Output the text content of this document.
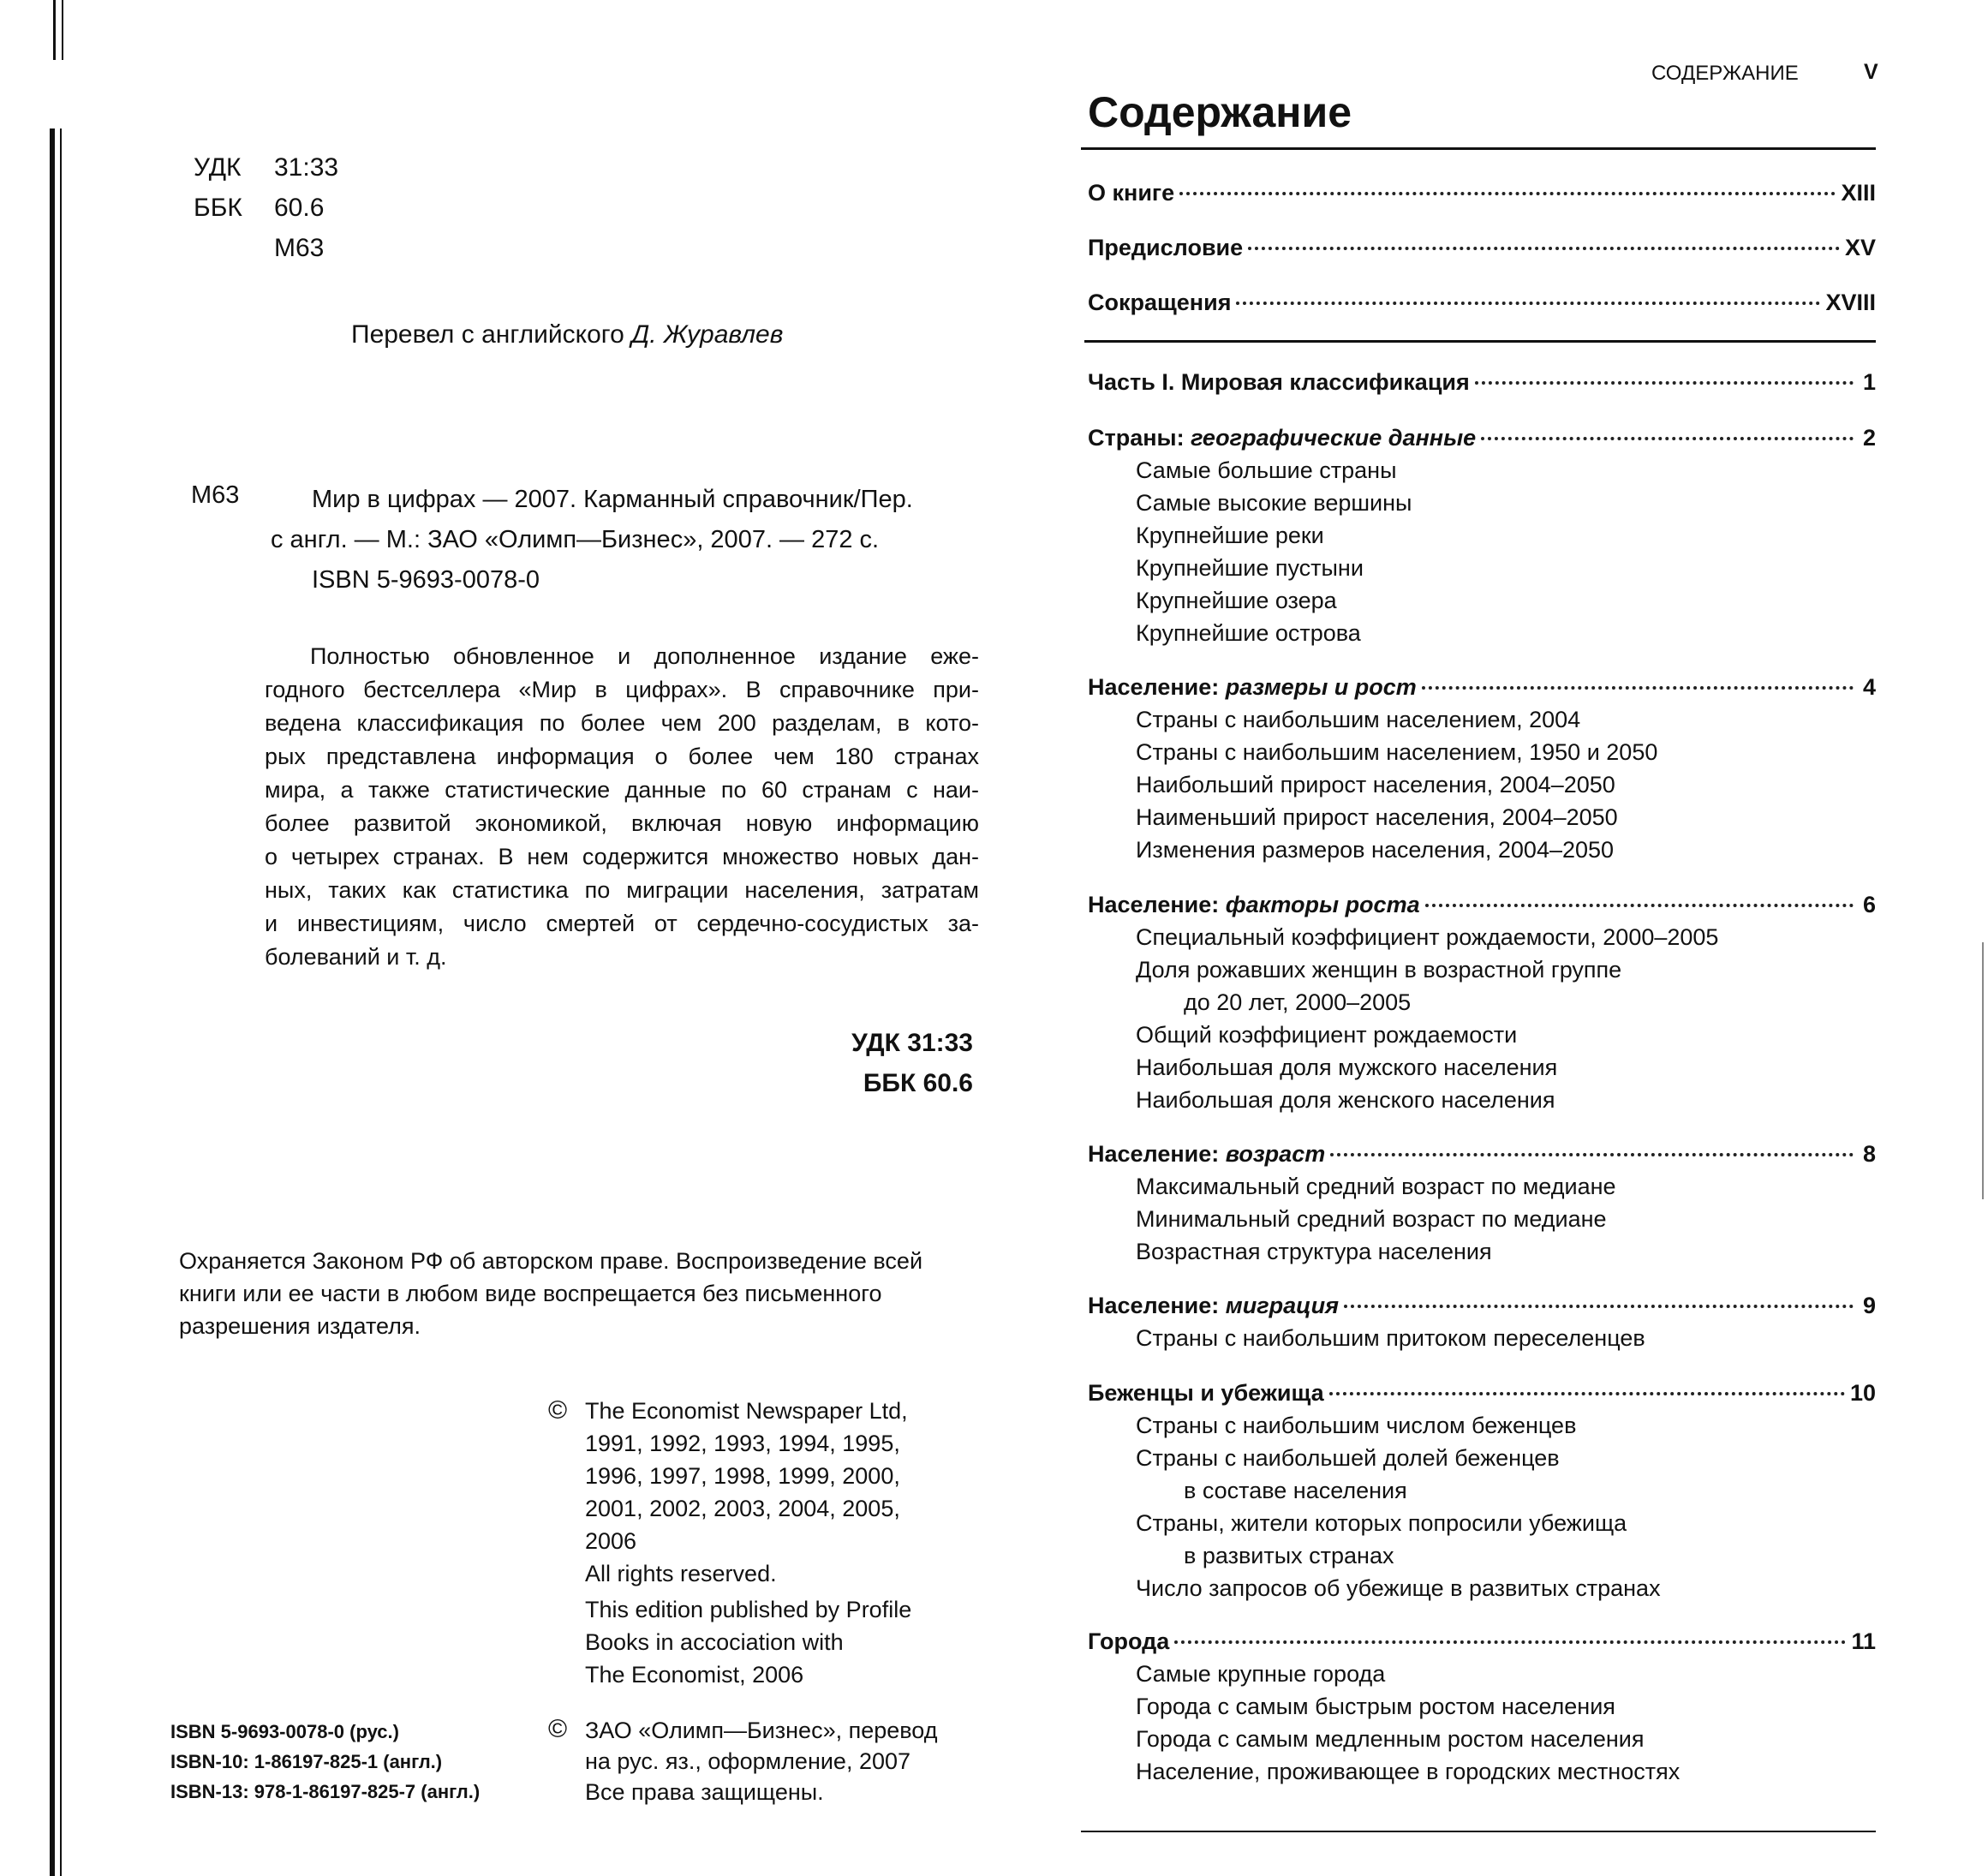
УДК	31:33
ББК	60.6
М63
Перевел с английского Д. Журавлев
М63	Мир в цифрах — 2007. Карманный справочник/Пер.
с англ. — М.: ЗАО «Олимп—Бизнес», 2007. — 272 с.
ISBN 5-9693-0078-0
Полностью обновленное и дополненное издание еже-
годного бестселлера «Мир в цифрах». В справочнике при-
ведена классификация по более чем 200 разделам, в кото-
рых представлена информация о более чем 180 странах
мира, а также статистические данные по 60 странам с наи-
более развитой экономикой, включая новую информацию
о четырех странах. В нем содержится множество новых дан-
ных, таких как статистика по миграции населения, затратам
и инвестициям, число смертей от сердечно-сосудистых за-
болеваний и т. д.
УДК 31:33
ББК 60.6
Охраняется Законом РФ об авторском праве. Воспроизведение всей
книги или ее части в любом виде воспрещается без письменного
разрешения издателя.
© The Economist Newspaper Ltd,
1991, 1992, 1993, 1994, 1995,
1996, 1997, 1998, 1999, 2000,
2001, 2002, 2003, 2004, 2005,
2006
All rights reserved.
This edition published by Profile
Books in accociation with
The Economist, 2006
ISBN 5-9693-0078-0 (рус.)
ISBN-10: 1-86197-825-1 (англ.)
ISBN-13: 978-1-86197-825-7 (англ.)
© ЗАО «Олимп—Бизнес», перевод
на рус. яз., оформление, 2007
Все права защищены.
СОДЕРЖАНИЕ	V
Содержание
О книге	XIII
Предисловие	XV
Сокращения	XVIII
Часть I. Мировая классификация	1
Страны: географические данные	2
Самые большие страны
Самые высокие вершины
Крупнейшие реки
Крупнейшие пустыни
Крупнейшие озера
Крупнейшие острова
Население: размеры и рост	4
Страны с наибольшим населением, 2004
Страны с наибольшим населением, 1950 и 2050
Наибольший прирост населения, 2004–2050
Наименьший прирост населения, 2004–2050
Изменения размеров населения, 2004–2050
Население: факторы роста	6
Специальный коэффициент рождаемости, 2000–2005
Доля рожавших женщин в возрастной группе
до 20 лет, 2000–2005
Общий коэффициент рождаемости
Наибольшая доля мужского населения
Наибольшая доля женского населения
Население: возраст	8
Максимальный средний возраст по медиане
Минимальный средний возраст по медиане
Возрастная структура населения
Население: миграция	9
Страны с наибольшим притоком переселенцев
Беженцы и убежища	10
Страны с наибольшим числом беженцев
Страны с наибольшей долей беженцев
в составе населения
Страны, жители которых попросили убежища
в развитых странах
Число запросов об убежище в развитых странах
Города	11
Самые крупные города
Города с самым быстрым ростом населения
Города с самым медленным ростом населения
Население, проживающее в городских местностях
